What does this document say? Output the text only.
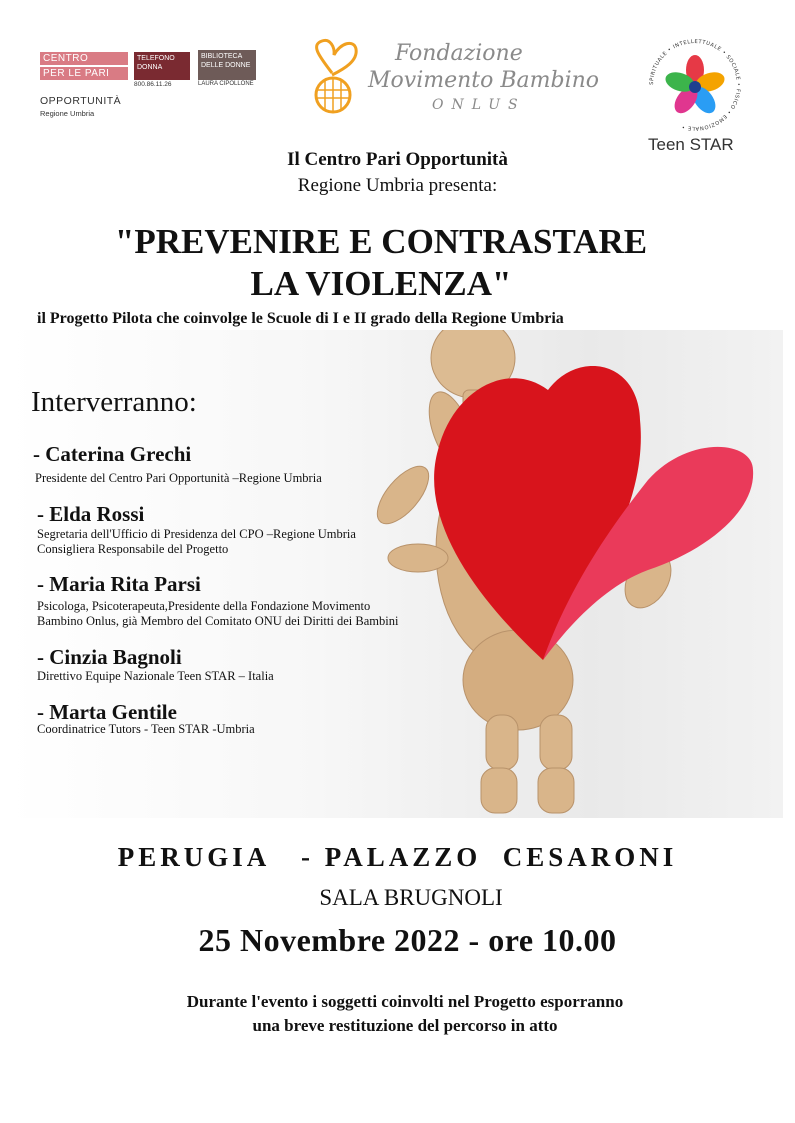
CENTRO
PER LE PARI
OPPORTUNITÀ
Regione Umbria
TELEFONO
DONNA
800.86.11.26
BIBLIOTECA
DELLE DONNE
LAURA CIPOLLONE
Fondazione
Movimento Bambino
ONLUS
SPIRITUALE • INTELLETTUALE • SOCIALE • FISICO • EMOZIONALE •
Teen STAR
Il Centro Pari Opportunità
Regione Umbria presenta:
"PREVENIRE E CONTRASTARE
LA VIOLENZA"
il Progetto Pilota che coinvolge le Scuole di I e II grado della Regione Umbria
Interverranno:
- Caterina Grechi
Presidente del Centro Pari Opportunità –Regione Umbria
- Elda Rossi
Segretaria dell'Ufficio di Presidenza del CPO –Regione Umbria
Consigliera Responsabile del Progetto
- Maria Rita Parsi
Psicologa, Psicoterapeuta,Presidente della Fondazione Movimento
Bambino Onlus, già Membro del Comitato ONU dei Diritti dei Bambini
- Cinzia Bagnoli
Direttivo Equipe Nazionale Teen STAR – Italia
- Marta Gentile
Coordinatrice Tutors - Teen STAR -Umbria
PERUGIA   - PALAZZO  CESARONI
SALA BRUGNOLI
25 Novembre 2022 - ore 10.00
Durante l'evento i soggetti coinvolti nel Progetto esporranno
una breve restituzione del percorso in atto
